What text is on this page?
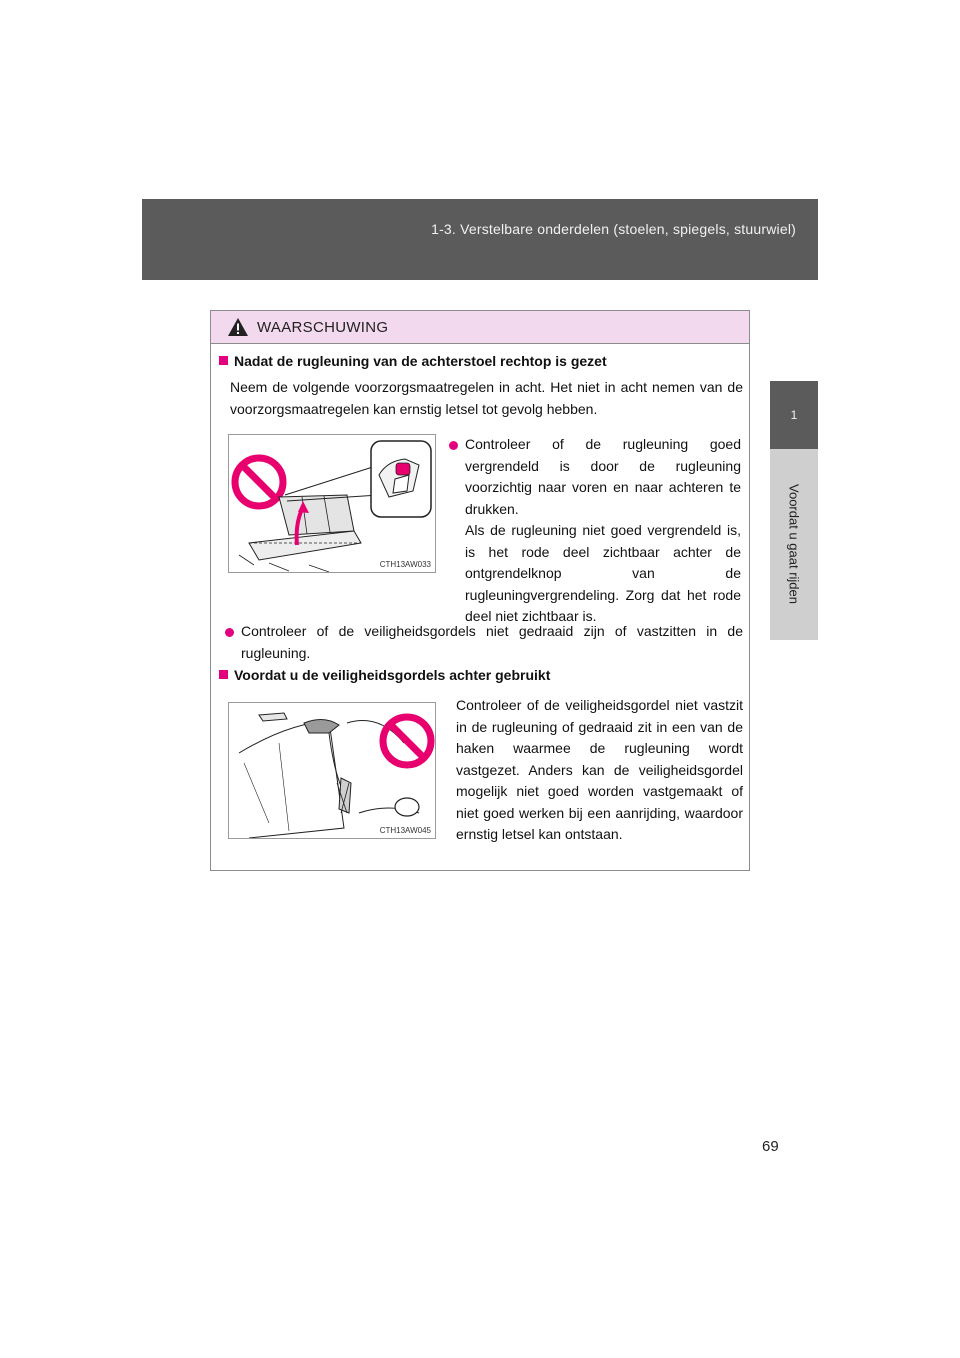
1-3. Verstelbare onderdelen (stoelen, spiegels, stuurwiel)
1
Voordat u gaat rijden
WAARSCHUWING
Nadat de rugleuning van de achterstoel rechtop is gezet
Neem de volgende voorzorgsmaatregelen in acht. Het niet in acht nemen van de voorzorgsmaatregelen kan ernstig letsel tot gevolg hebben.
CTH13AW033
Controleer of de rugleuning goed vergrendeld is door de rugleuning voorzichtig naar voren en naar achteren te drukken.
Als de rugleuning niet goed vergrendeld is, is het rode deel zichtbaar achter de ontgrendelknop van de rugleuningvergrendeling. Zorg dat het rode deel niet zichtbaar is.
Controleer of de veiligheidsgordels niet gedraaid zijn of vastzitten in de rugleuning.
Voordat u de veiligheidsgordels achter gebruikt
CTH13AW045
Controleer of de veiligheidsgordel niet vastzit in de rugleuning of gedraaid zit in een van de haken waarmee de rugleuning wordt vastgezet. Anders kan de veiligheidsgordel mogelijk niet goed worden vastgemaakt of niet goed werken bij een aanrijding, waardoor ernstig letsel kan ontstaan.
69
